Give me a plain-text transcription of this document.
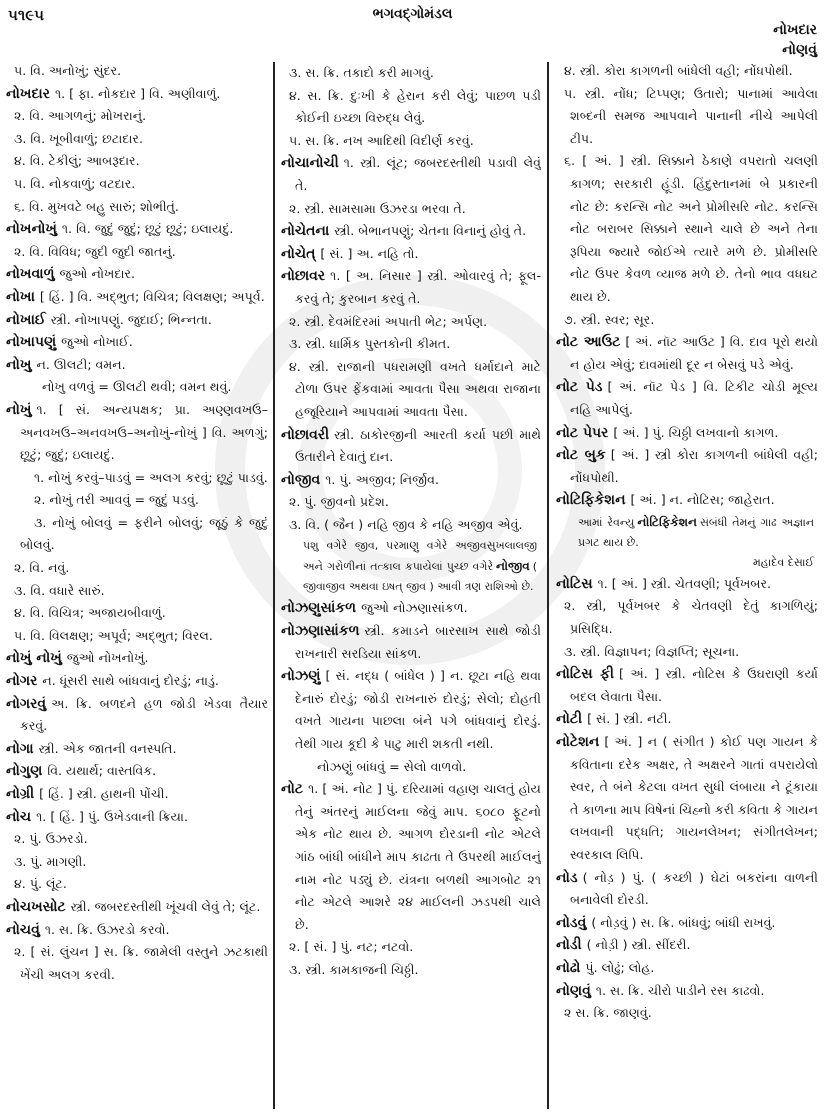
૫૧૯૫	ભગવદ્ગોમંડલ
નોખદાર
નોણવું
૫. વિ. અનોખું; સુંદર.
નોખદાર ૧. [ ફા. નોકદાર ] વિ. અણીવાળું.
૨. વિ. આગળનું; મોખરાનું.
૩. વિ. ખૂબીવાળું; છટાદાર.
૪. વિ. ટેકીલું; આબરૂદાર.
૫. વિ. નોકવાળું; વટદાર.
૬. વિ. મુખવટે બહુ સારું; શોભીતું.
નોખનોખું ૧. વિ. જુદું જુદું; છૂટું છૂટું; ઇલાયદું.
૨. વિ. વિવિધ; જુદી જુદી જાતનું.
નોખવાળું જુઓ નોખદાર.
નોખા [ હિં. ] વિ. અદ્‌ભુત; વિચિત્ર; વિલક્ષણ; અપૂર્વ.
નોખાઈ સ્ત્રી. નોખાપણું. જુદાઈ; ભિન્નતા.
નોખાપણું જુઓ નોખાઈ.
નોખુ ન. ઊલટી; વમન.
નોખુ વળવું = ઊલટી થવી; વમન થવું.
નોખું ૧. [ સં. અન્યપક્ષક; પ્રા. અણ્ણવખઉ–અનવખઉ–અનવખઉ–અનોખું-નોખું ] વિ. અળગું; છૂટું; જુદું; ઇલાયદું.
૧. નોખું કરવું–પાડવું = અલગ કરવું; છૂટું પાડવું.
૨. નોખું તરી આવવું = જુદું પડવું.
૩. નોખું બોલવું = ફરીને બોલવું; જૂઠું કે જુદું બોલવું.
૨. વિ. નવું.
૩. વિ. વધારે સારું.
૪. વિ. વિચિત્ર; અજાયબીવાળું.
૫. વિ. વિલક્ષણ; અપૂર્વ; અદ્‌ભુત; વિરલ.
નોખું નોખું જુઓ નોખનોખું.
નોગર ન. ધૂંસરી સાથે બાંધવાનું દોરડું; નાડું.
નોગરવું અ. ક્રિ. બળદને હળ જોડી ખેડવા તૈયાર કરવું.
નોગા સ્ત્રી. એક જાતની વનસ્પતિ.
નોગુણ વિ. યથાર્થ; વાસ્તવિક.
નોગ્રી [ હિં. ] સ્ત્રી. હાથની પોંચી.
નોચ ૧. [ હિં. ] પું. ઉખેડવાની ક્રિયા.
૨. પું. ઉઝરડો.
૩. પું. માગણી.
૪. પું. લૂંટ.
નોચખસોટ સ્ત્રી. જબરદસ્તીથી ખૂંચવી લેવું તે; લૂંટ.
નોચવું ૧. સ. ક્રિ. ઉઝરડો કરવો.
૨. [ સં. લુંચન ] સ. ક્રિ. જામેલી વસ્તુને ઝટકાથી ખેંચી અલગ કરવી.
૩. સ. ક્રિ. તકાદો કરી માગવું.
૪. સ. ક્રિ. દુઃખી કે હેરાન કરી લેવું; પાછળ પડી કોઈની ઇચ્છા વિરુદ્ધ લેવું.
૫. સ. ક્રિ. નખ આદિથી વિદીર્ણ કરવું.
નોચાનોચી ૧. સ્ત્રી. લૂંટ; જબરદસ્તીથી પડાવી લેવું તે.
૨. સ્ત્રી. સામસામા ઉઝરડા ભરવા તે.
નોચેતના સ્ત્રી. બેભાનપણું; ચેતના વિનાનું હોવું તે.
નોચેત્ [ સં. ] અ. નહિ તો.
નોછાવર ૧. [ અ. નિસાર ] સ્ત્રી. ઓવારવું તે; ફૂલ-કરવું તે; કુરબાન કરવું તે.
૨. સ્ત્રી. દેવમંદિરમાં અપાતી ભેટ; અર્પણ.
૩. સ્ત્રી. ધાર્મિક પુસ્તકોની કીમત.
૪. સ્ત્રી. રાજાની પધરામણી વખતે ધર્માદાને માટે ટોળા ઉપર ફેંકવામાં આવતા પૈસા અથવા રાજાના હજૂરિયાને આપવામાં આવતા પૈસા.
નોછાવરી સ્ત્રી. ઠાકોરજીની આરતી કર્યા પછી માથે ઉતારીને દેવાતું દાન.
નોજીવ ૧. પું. અજીવ; નિર્જીવ.
૨. પું. જીવનો પ્રદેશ.
૩. વિ. ( જૈન ) નહિ જીવ કે નહિ અજીવ એવું.
સુખલાલજી
પશુ વગેરે જીવ, પરમાણુ વગેરે અજીવ અને ગરોળીનાં તત્કાલ કપાયેલાં પુચ્છ વગેરે નોજીવ ( જીવાજીવ અથવા ઇષત્ જીવ ) આવી ત્રણ રાશિઓ છે.
નોઝણુસાંકળ જુઓ નોઝણાસાંકળ.
નોઝણાસાંકળ સ્ત્રી. કમાડને બારસાખ સાથે જોડી રાખનારી સરડિયા સાંકળ.
નોઝણું [ સં. નદ્ધ ( બાંધેલ ) ] ન. છૂટા નહિ થવા દેનારું દોરડું; જોડી રાખનારું દોરડું; સેલો; દોહતી વખતે ગાયના પાછલા બંને પગે બાંધવાનું દોરડું. તેથી ગાય કૂદી કે પાટુ મારી શકતી નથી.
નોઝણું બાંધવું = સેલો વાળવો.
નોટ ૧. [ અં. નોટ ] પું. દરિયામાં વહાણ ચાલતું હોય તેનું અંતરનું માઈલના જેવું માપ. ૬૦૮૦ ફૂટનો એક નોટ થાય છે. આગળ દોરડાની નોટ એટલે ગાંઠ બાંધી બાંધીને માપ કાઢતા તે ઉપરથી માઈલનું નામ નોટ પડ્યું છે. યંત્રના બળથી આગબોટ ૨૧ નોટ એટલે આશરે ૨૪ માઈલની ઝડપથી ચાલે છે.
૨. [ સં. ] પું. નટ; નટવો.
૩. સ્ત્રી. કામકાજની ચિઠ્ઠી.
૪. સ્ત્રી. કોરા કાગળની બાંધેલી વહી; નોંધપોથી.
૫. સ્ત્રી. નોંધ; ટિપ્પણ; ઉતારો; પાનામાં આવેલા શબ્દની સમજ આપવાને પાનાની નીચે આપેલી ટીપ.
૬. [ અં. ] સ્ત્રી. સિક્કાને ઠેકાણે વપરાતો ચલણી કાગળ; સરકારી હૂંડી. હિંદુસ્તાનમાં બે પ્રકારની નોટ છે: કરન્સિ નોટ અને પ્રોમીસરિ નોટ. કરન્સિ નોટ બરાબર સિક્કાને સ્થાને ચાલે છે અને તેના રૂપિયા જ્યારે જોઈએ ત્યારે મળે છે. પ્રોમીસરિ નોટ ઉપર કેવળ વ્યાજ મળે છે. તેનો ભાવ વધઘટ થાય છે.
૭. સ્ત્રી. સ્વર; સૂર.
નોટ આઉટ [ અં. નૉટ આઉટ ] વિ. દાવ પૂરો થયો ન હોય એવું; દાવમાંથી દૂર ન બેસવું પડે એવું.
નોટ પેડ [ અં. નૉટ પેડ ] વિ. ટિકીટ ચોડી મૂલ્ય નહિ આપેલું.
નોટ પેપર [ અં. ] પું. ચિઠ્ઠી લખવાનો કાગળ.
નોટ બુક [ અં. ] સ્ત્રી કોરા કાગળની બાંધેલી વહી; નોંધપોથી.
નોટિફિકેશન [ અં. ] ન. નોટિસ; જાહેરાત.
આમાં રેવન્યુ નોટિફિકેશન સંબંધી તેમનું ગાઢ અજ્ઞાન પ્રગટ થાય છે.
મહાદેવ દેસાઈ
નોટિસ ૧. [ અં. ] સ્ત્રી. ચેતવણી; પૂર્વખબર.
૨. સ્ત્રી, પૂર્વખબર કે ચેતવણી દેતું કાગળિયું; પ્રસિદ્ધિ.
૩. સ્ત્રી. વિજ્ઞાપન; વિજ્ઞપ્તિ; સૂચના.
નોટિસ ફી [ અં. ] સ્ત્રી. નોટિસ કે ઉઘરાણી કર્યા બદલ લેવાતા પૈસા.
નોટી [ સં. ] સ્ત્રી. નટી.
નોટેશન [ અં. ] ન ( સંગીત ) કોઈ પણ ગાયન કે કવિતાના દરેક અક્ષર, તે અક્ષરને ગાતાં વપરાયેલો સ્વર, તે બંને કેટલા વખત સુધી લંબાયા ને ટૂંકાયા તે કાળના માપ વિષેનાં ચિહ્નો કરી કવિતા કે ગાયન લખવાની પદ્ધતિ; ગાયનલેખન; સંગીતલેખન; સ્વરકાલ લિપિ.
નોડ ( નોડ઼ ) પું. ( કચ્છી ) ઘેટાં બકરાંના વાળની બનાવેલી દોરડી.
નોડવું ( નોડ઼વું ) સ. ક્રિ. બાંધવું; બાંધી રાખવું.
નોડી ( નોડ઼ી ) સ્ત્રી. સીંદરી.
નોઢો પું. લોઢું; લોહ.
નોણવું ૧. સ. ક્રિ. ચીરો પાડીને રસ કાઢવો.
૨ સ. ક્રિ. જાણવું.
